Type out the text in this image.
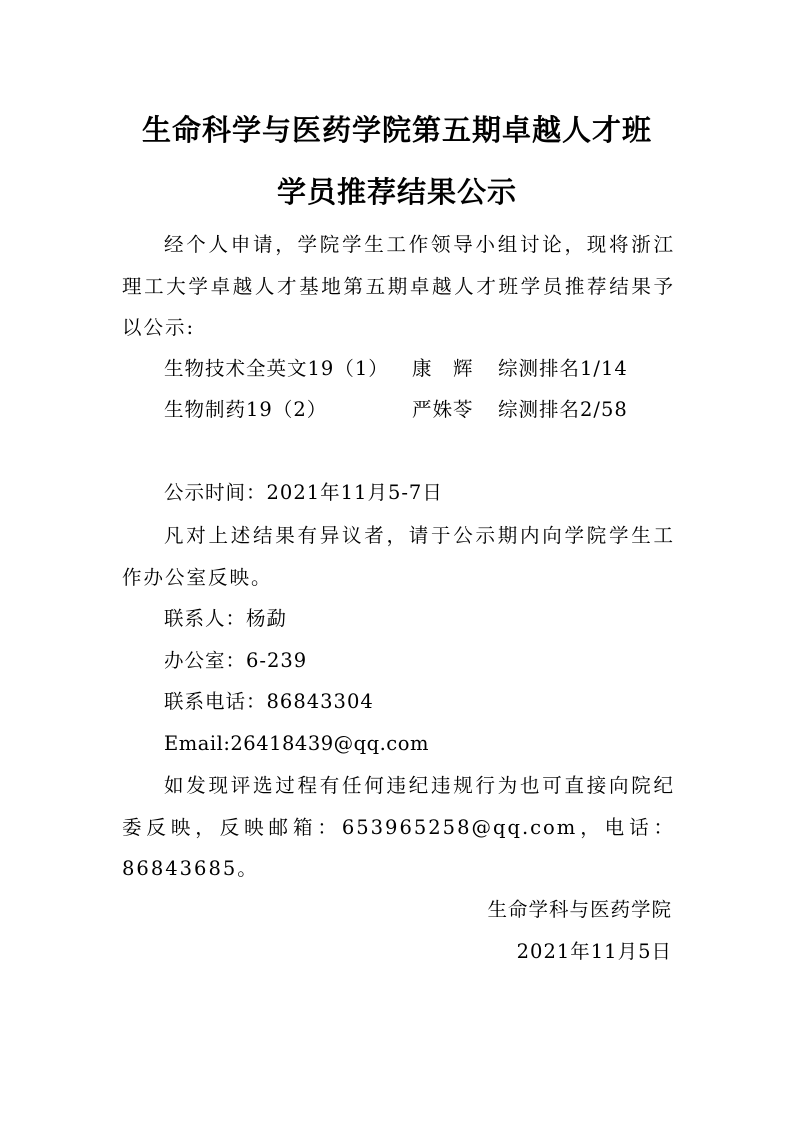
生命科学与医药学院第五期卓越人才班
学员推荐结果公示
经个人申请，学院学生工作领导小组讨论，现将浙江理工大学卓越人才基地第五期卓越人才班学员推荐结果予以公示:
生物技术全英文19（1） 康　辉 综测排名1/14
生物制药19（2）	严姝苓 综测排名2/58
公示时间：2021年11月5-7日
凡对上述结果有异议者，请于公示期内向学院学生工作办公室反映。
联系人：杨勐
办公室：6-239
联系电话：86843304
Email:26418439@qq.com
如发现评选过程有任何违纪违规行为也可直接向院纪委反映，反映邮箱：653965258@qq.com，电话：86843685。
生命学科与医药学院
2021年11月5日
